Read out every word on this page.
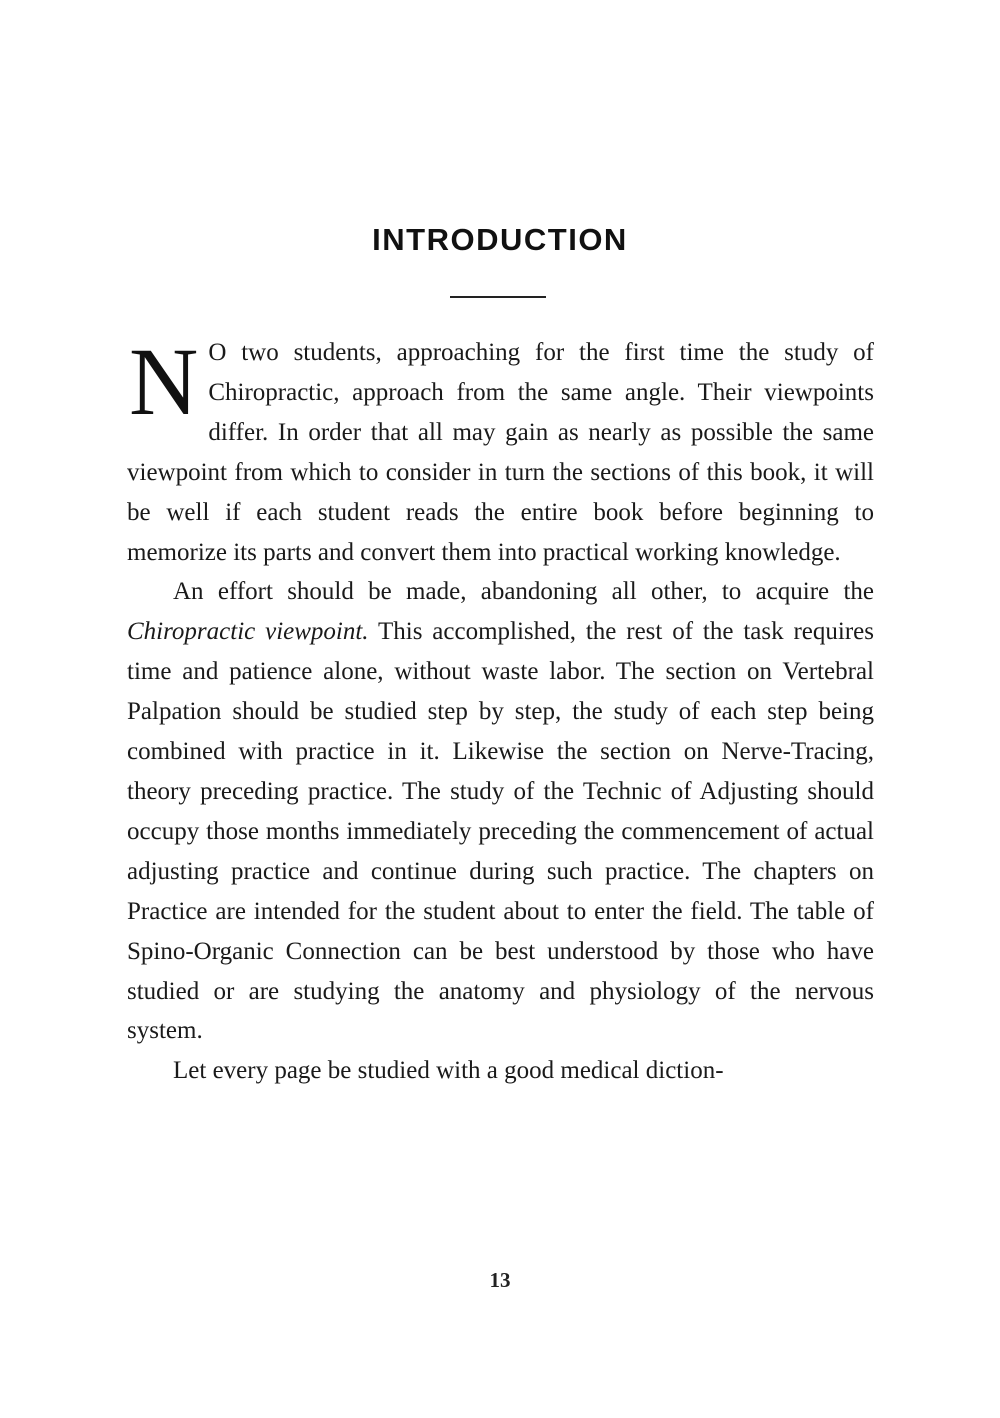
INTRODUCTION

N O two students, approaching for the first time the study of Chiropractic, approach from the same angle. Their viewpoints differ. In order that all may gain as nearly as possible the same viewpoint from which to consider in turn the sections of this book, it will be well if each student reads the entire book before beginning to memorize its parts and convert them into practical working knowledge.

An effort should be made, abandoning all other, to acquire the Chiropractic viewpoint. This accomplished, the rest of the task requires time and patience alone, without waste labor. The section on Vertebral Palpation should be studied step by step, the study of each step being combined with practice in it. Likewise the section on Nerve-Tracing, theory preceding practice. The study of the Technic of Adjusting should occupy those months immediately preceding the commencement of actual adjusting practice and continue during such practice. The chapters on Practice are intended for the student about to enter the field. The table of Spino-Organic Connection can be best understood by those who have studied or are studying the anatomy and physiology of the nervous system.

Let every page be studied with a good medical diction-

13
